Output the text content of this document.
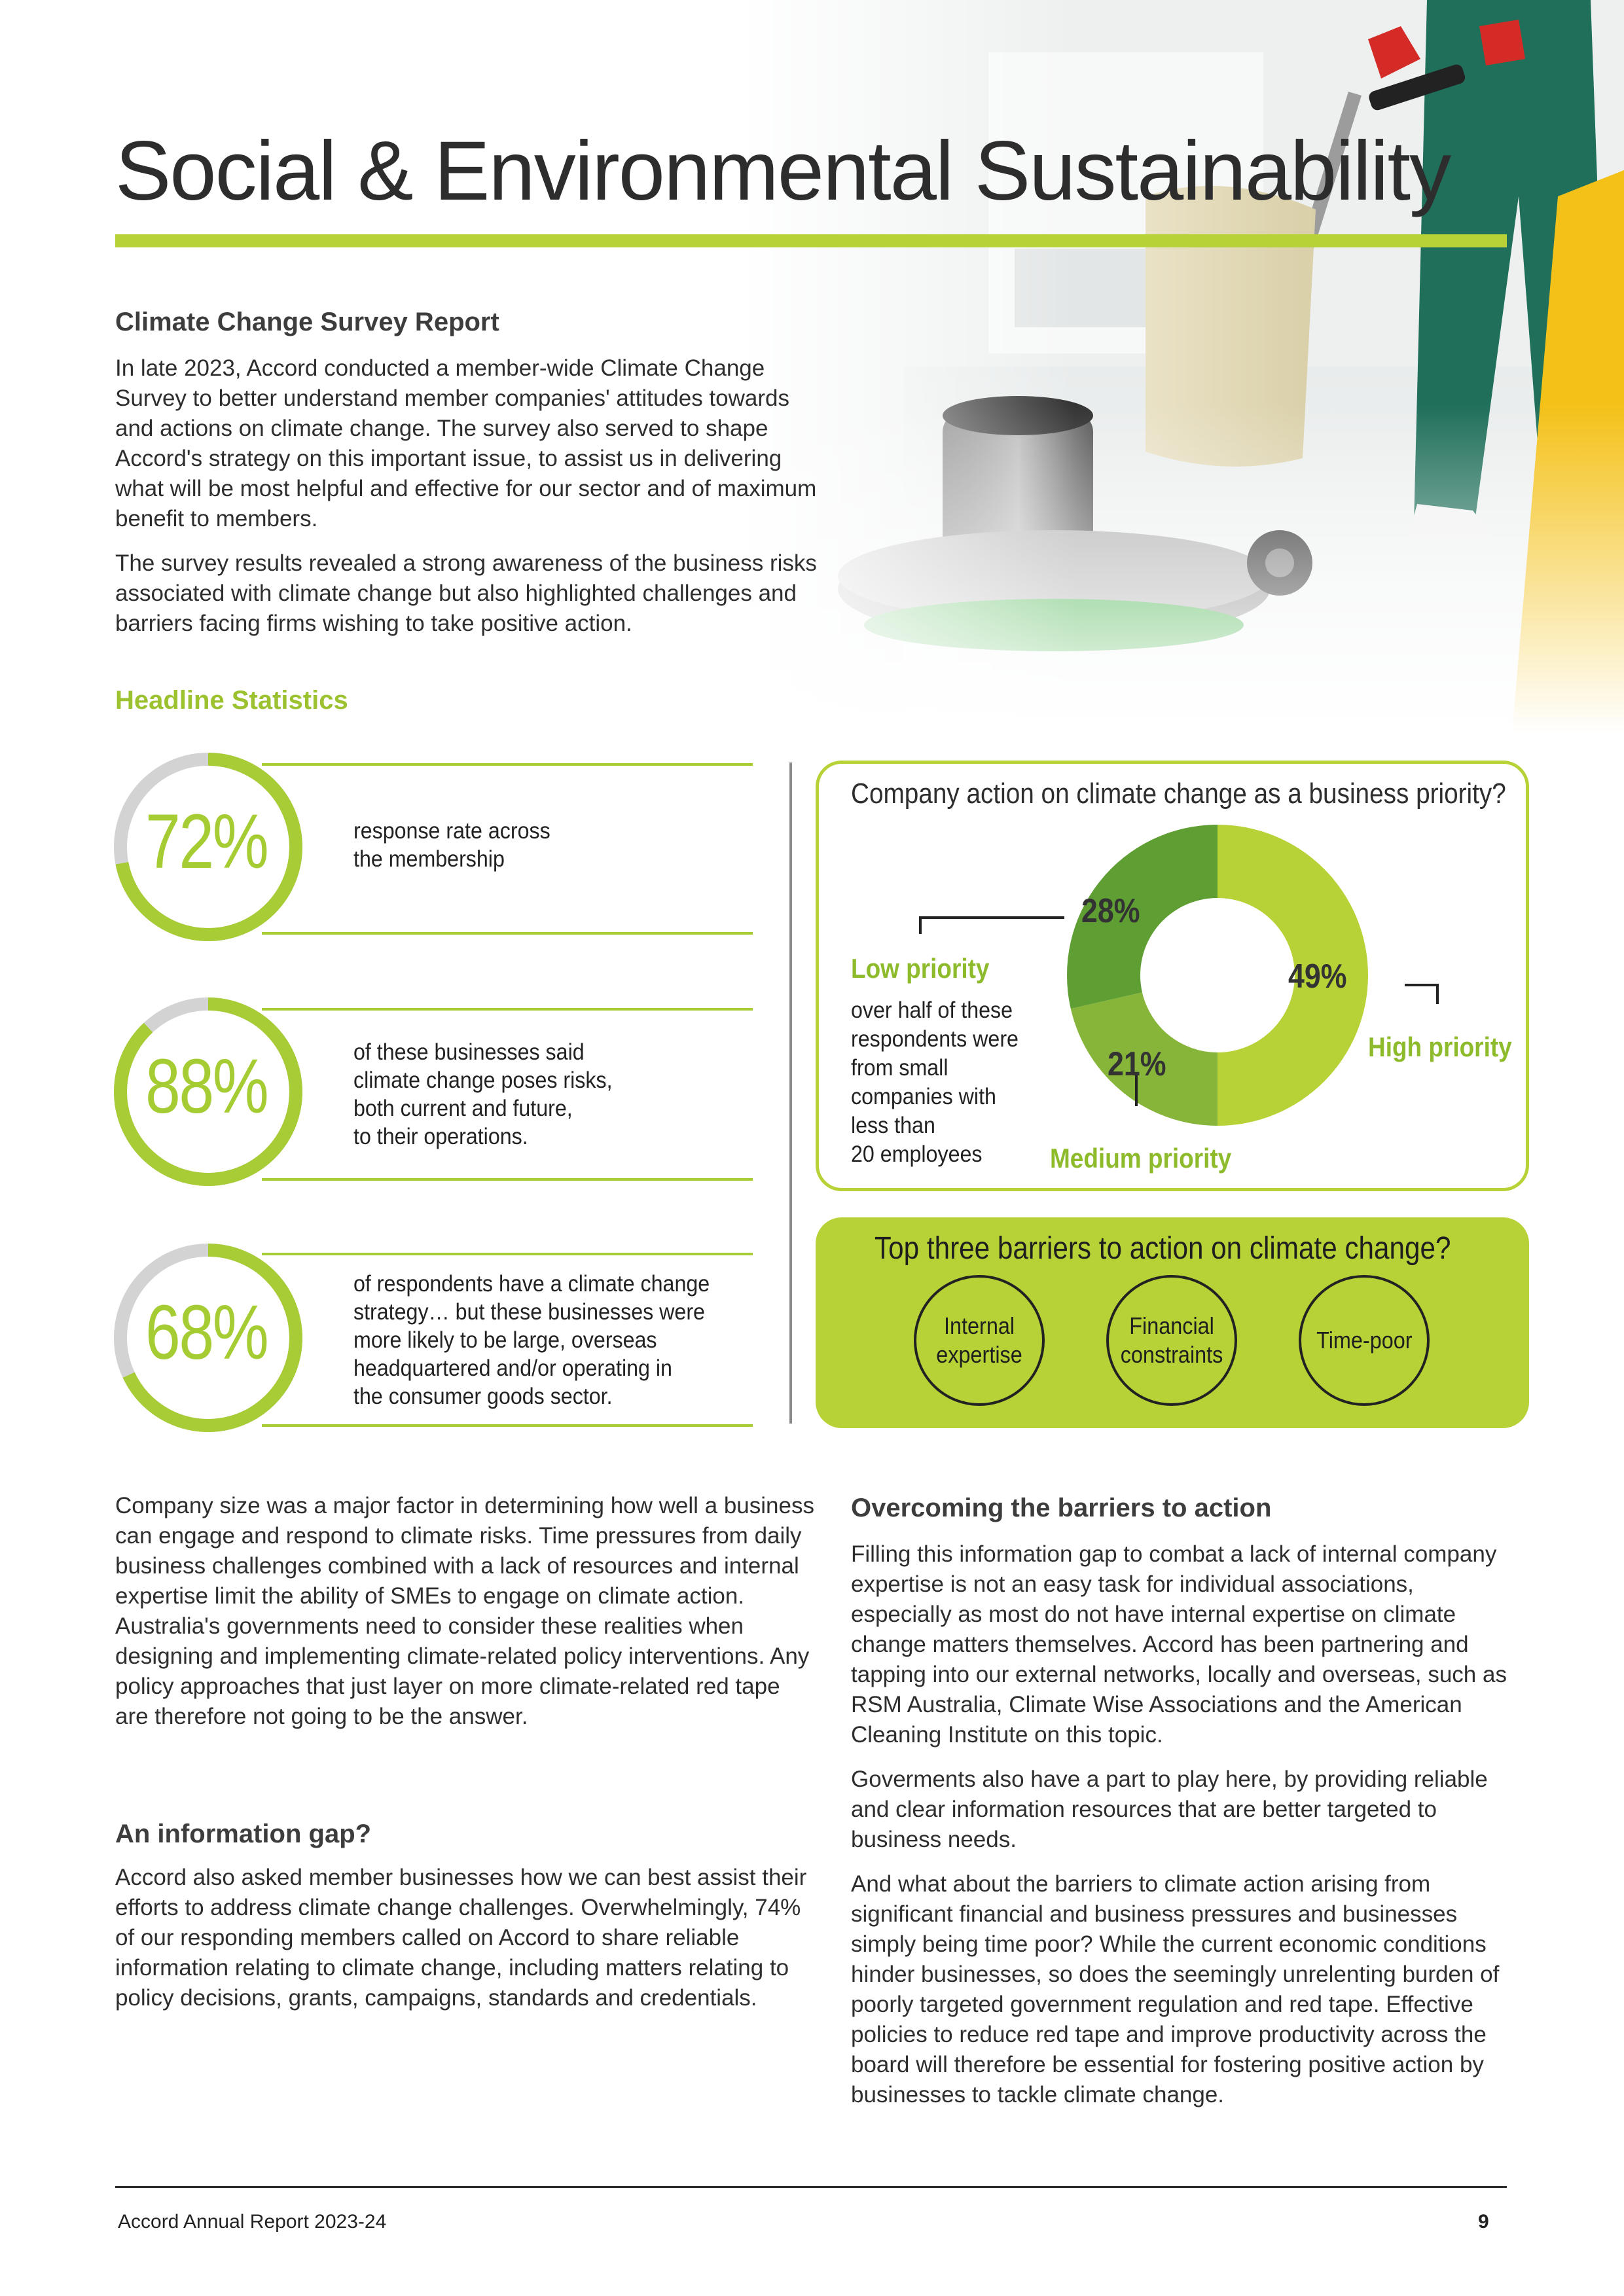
Social & Environmental Sustainability
Climate Change Survey Report

In late 2023, Accord conducted a member-wide Climate Change Survey to better understand member companies' attitudes towards and actions on climate change. The survey also served to shape Accord's strategy on this important issue, to assist us in delivering what will be most helpful and effective for our sector and of maximum benefit to members.

The survey results revealed a strong awareness of the business risks associated with climate change but also highlighted challenges and barriers facing firms wishing to take positive action.

Headline Statistics
72%	response rate across
the membership
88%	of these businesses said
climate change poses risks,
both current and future,
to their operations.
68%
of respondents have a climate change
strategy… but these businesses were
more likely to be large, overseas
headquartered and/or operating in
the consumer goods sector.
Company action on climate change as a business priority?
28%
49%
21%
Low priority
High priority
Medium priority
over half of these
respondents were
from small
companies with
less than
20 employees
Top three barriers to action on climate change?
Internal
expertise
Financial
constraints
Time-poor

Company size was a major factor in determining how well a business can engage and respond to climate risks. Time pressures from daily business challenges combined with a lack of resources and internal expertise limit the ability of SMEs to engage on climate action. Australia's governments need to consider these realities when designing and implementing climate-related policy interventions. Any policy approaches that just layer on more climate-related red tape are therefore not going to be the answer.

An information gap?

Accord also asked member businesses how we can best assist their efforts to address climate change challenges. Overwhelmingly, 74% of our responding members called on Accord to share reliable information relating to climate change, including matters relating to policy decisions, grants, campaigns, standards and credentials.

Overcoming the barriers to action

Filling this information gap to combat a lack of internal company expertise is not an easy task for individual associations, especially as most do not have internal expertise on climate change matters themselves. Accord has been partnering and tapping into our external networks, locally and overseas, such as RSM Australia, Climate Wise Associations and the American Cleaning Institute on this topic.

Goverments also have a part to play here, by providing reliable and clear information resources that are better targeted to business needs.

And what about the barriers to climate action arising from significant financial and business pressures and businesses simply being time poor? While the current economic conditions hinder businesses, so does the seemingly unrelenting burden of poorly targeted government regulation and red tape. Effective policies to reduce red tape and improve productivity across the board will therefore be essential for fostering positive action by businesses to tackle climate change.

Accord Annual Report 2023-24	9
